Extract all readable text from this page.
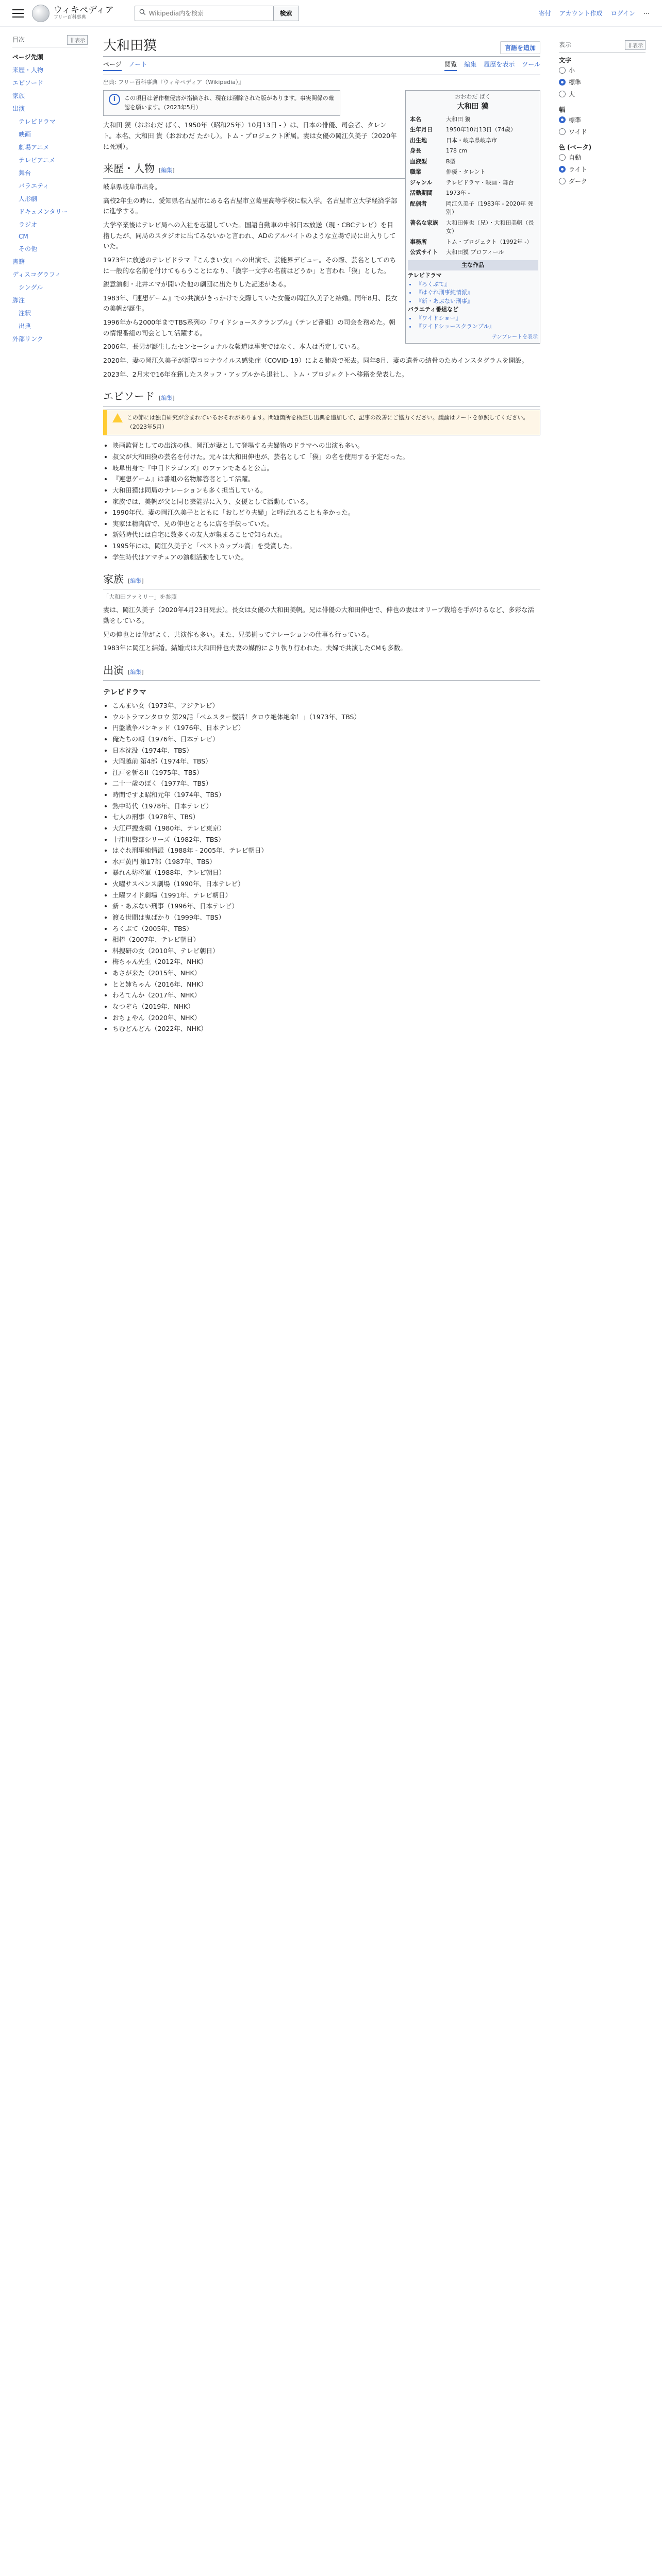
ウィキペディア
フリー百科事典
Wikipedia内を検索
検索	寄付 アカウント作成 ログイン ⋯
目次	非表示
ページ先頭
来歴・人物
エピソード
家族
出演
テレビドラマ
映画
劇場アニメ
テレビアニメ
舞台
バラエティ
人形劇
ドキュメンタリー
ラジオ
CM
その他
書籍
ディスコグラフィ
シングル
脚注
注釈
出典
外部リンク
大和田獏	言語を追加
ページ ノート	閲覧 編集 履歴を表示 ツール
出典: フリー百科事典『ウィキペディア（Wikipedia）』
おおわだ ばく
大和田 獏
本名	大和田 獏
生年月日	1950年10月13日（74歳）
出生地	日本・岐阜県岐阜市
身長	178 cm
血液型	B型
職業	俳優・タレント
ジャンル	テレビドラマ・映画・舞台
活動期間	1973年 -
配偶者	岡江久美子（1983年 - 2020年 死別）
著名な家族	大和田伸也（兄）・大和田美帆（長女）
事務所	トム・プロジェクト（1992年 -）
公式サイト	大和田獏 プロフィール
主な作品
テレビドラマ
• 『ろくぶて』
• 『はぐれ刑事純情派』
• 『新・あぶない刑事』
バラエティ番組など
• 『ワイドショー』
• 『ワイドショースクランブル』
テンプレートを表示
i	この項目は著作権侵害が指摘され、現在は削除された版があります。事実関係の確認を願います。（2023年5月）

大和田 獏（おおわだ ばく、1950年（昭和25年）10月13日 - ）は、日本の俳優、司会者、タレント。本名、大和田 貴（おおわだ たかし）。トム・プロジェクト所属。妻は女優の岡江久美子（2020年に死別）。

来歴・人物 [編集]

岐阜県岐阜市出身。

高校2年生の時に、愛知県名古屋市にある名古屋市立菊里高等学校に転入学。名古屋市立大学経済学部に進学する。

大学卒業後はテレビ局への入社を志望していた。国語自動車の中部日本放送（現・CBCテレビ）を目指したが、同局のスタジオに出てみないかと言われ、ADのアルバイトのような立場で局に出入りしていた。

1973年に放送のテレビドラマ『こんまい女』への出演で、芸能界デビュー。その際、芸名としてのちに一般的な名前を付けてもらうことになり、「漢字一文字の名前はどうか」と言われ「獏」とした。

鋭意演劇・北井エマが開いた他の劇団に出たりした記述がある。

1983年、『連想ゲーム』での共演がきっかけで交際していた女優の岡江久美子と結婚。同年8月、長女の美帆が誕生。

1996年から2000年までTBS系列の『ワイドショースクランブル』（テレビ番組）の司会を務めた。朝の情報番組の司会として活躍する。

2006年、長男が誕生したセンセーショナルな報道は事実ではなく、本人は否定している。

2020年、妻の岡江久美子が新型コロナウイルス感染症（COVID-19）による肺炎で死去。同年8月、妻の遺骨の納骨のためインスタグラムを開設。

2023年、2月末で16年在籍したスタッフ・アップルから退社し、トム・プロジェクトへ移籍を発表した。

エピソード [編集]
この節には独自研究が含まれているおそれがあります。問題箇所を検証し出典を追加して、記事の改善にご協力ください。議論はノートを参照してください。（2023年5月）
• 映画監督としての出演の他、岡江が妻として登場する夫婦物のドラマへの出演も多い。
• 叔父が大和田獏の芸名を付けた。元々は大和田伸也が、芸名として「獏」の名を使用する予定だった。
• 岐阜出身で『中日ドラゴンズ』のファンであると公言。
• 『連想ゲーム』は番組の名物解答者として活躍。
• 大和田獏は同局のナレーションも多く担当している。
• 家族では、美帆が父と同じ芸能界に入り、女優として活動している。
• 1990年代、妻の岡江久美子とともに「おしどり夫婦」と呼ばれることも多かった。
• 実家は精肉店で、兄の伸也とともに店を手伝っていた。
• 新婚時代には自宅に数多くの友人が集まることで知られた。
• 1995年には、岡江久美子と「ベストカップル賞」を受賞した。
• 学生時代はアマチュアの演劇活動をしていた。
家族 [編集]

「大和田ファミリー」を参照

妻は、岡江久美子（2020年4月23日死去）。長女は女優の大和田美帆。兄は俳優の大和田伸也で、伸也の妻はオリーブ栽培を手がけるなど、多彩な活動をしている。

兄の伸也とは仲がよく、共演作も多い。また、兄弟揃ってナレーションの仕事も行っている。

1983年に岡江と結婚。結婚式は大和田伸也夫妻の媒酌により執り行われた。夫婦で共演したCMも多数。

出演 [編集]
テレビドラマ
• こんまい女（1973年、フジテレビ）
• ウルトラマンタロウ 第29話「ベムスター復活！タロウ絶体絶命！」（1973年、TBS）
• 円盤戦争バンキッド（1976年、日本テレビ）
• 俺たちの朝（1976年、日本テレビ）
• 日本沈没（1974年、TBS）
• 大岡越前 第4部（1974年、TBS）
• 江戸を斬るII（1975年、TBS）
• 二十一歳のぼく（1977年、TBS）
• 時間ですよ昭和元年（1974年、TBS）
• 熱中時代（1978年、日本テレビ）
• 七人の刑事（1978年、TBS）
• 大江戸捜査網（1980年、テレビ東京）
• 十津川警部シリーズ（1982年、TBS）
• はぐれ刑事純情派（1988年 - 2005年、テレビ朝日）
• 水戸黄門 第17部（1987年、TBS）
• 暴れん坊将軍（1988年、テレビ朝日）
• 火曜サスペンス劇場（1990年、日本テレビ）
• 土曜ワイド劇場（1991年、テレビ朝日）
• 新・あぶない刑事（1996年、日本テレビ）
• 渡る世間は鬼ばかり（1999年、TBS）
• ろくぶて（2005年、TBS）
• 相棒（2007年、テレビ朝日）
• 科捜研の女（2010年、テレビ朝日）
• 梅ちゃん先生（2012年、NHK）
• あさが来た（2015年、NHK）
• とと姉ちゃん（2016年、NHK）
• わろてんか（2017年、NHK）
• なつぞら（2019年、NHK）
• おちょやん（2020年、NHK）
• ちむどんどん（2022年、NHK）
表示	非表示
文字
小
標準
大
幅
標準
ワイド
色 (ベータ)
自動
ライト
ダーク
